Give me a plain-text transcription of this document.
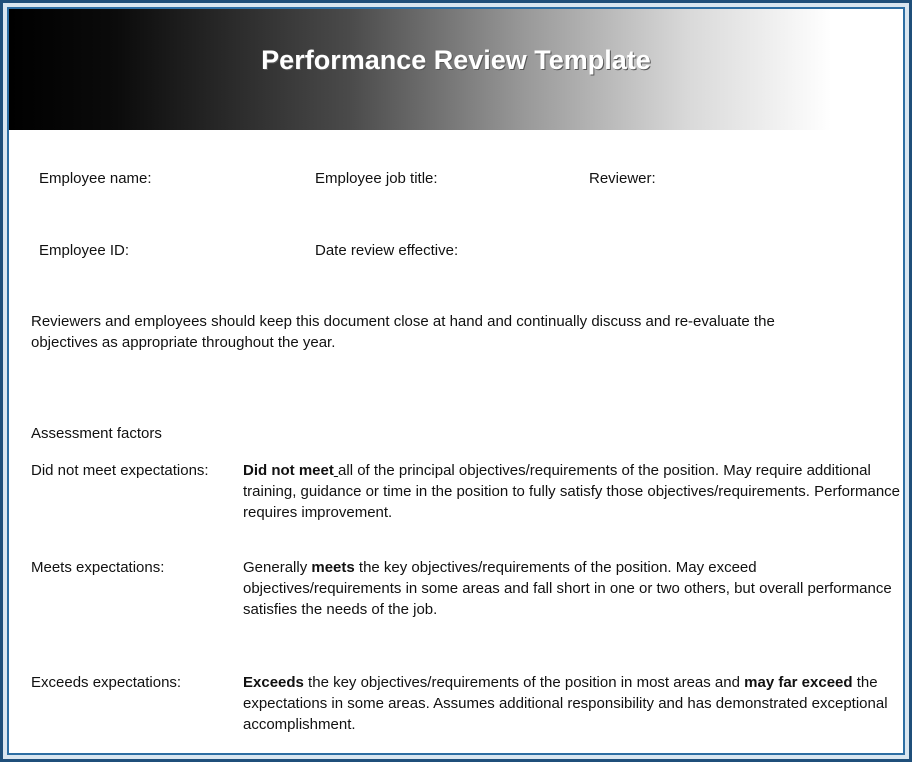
Performance Review Template
Employee name:	Employee job title:	Reviewer:
Employee ID:	Date review effective:
Reviewers and employees should keep this document close at hand and continually discuss and re-evaluate the objectives as appropriate throughout the year.
Assessment factors
Did not meet expectations: Did not meet all of the principal objectives/requirements of the position. May require additional training, guidance or time in the position to fully satisfy those objectives/requirements. Performance requires improvement.
Meets expectations:	Generally meets the key objectives/requirements of the position. May exceed objectives/requirements in some areas and fall short in one or two others, but overall performance satisfies the needs of the job.
Exceeds expectations:	Exceeds the key objectives/requirements of the position in most areas and may far exceed the expectations in some areas. Assumes additional responsibility and has demonstrated exceptional accomplishment.
